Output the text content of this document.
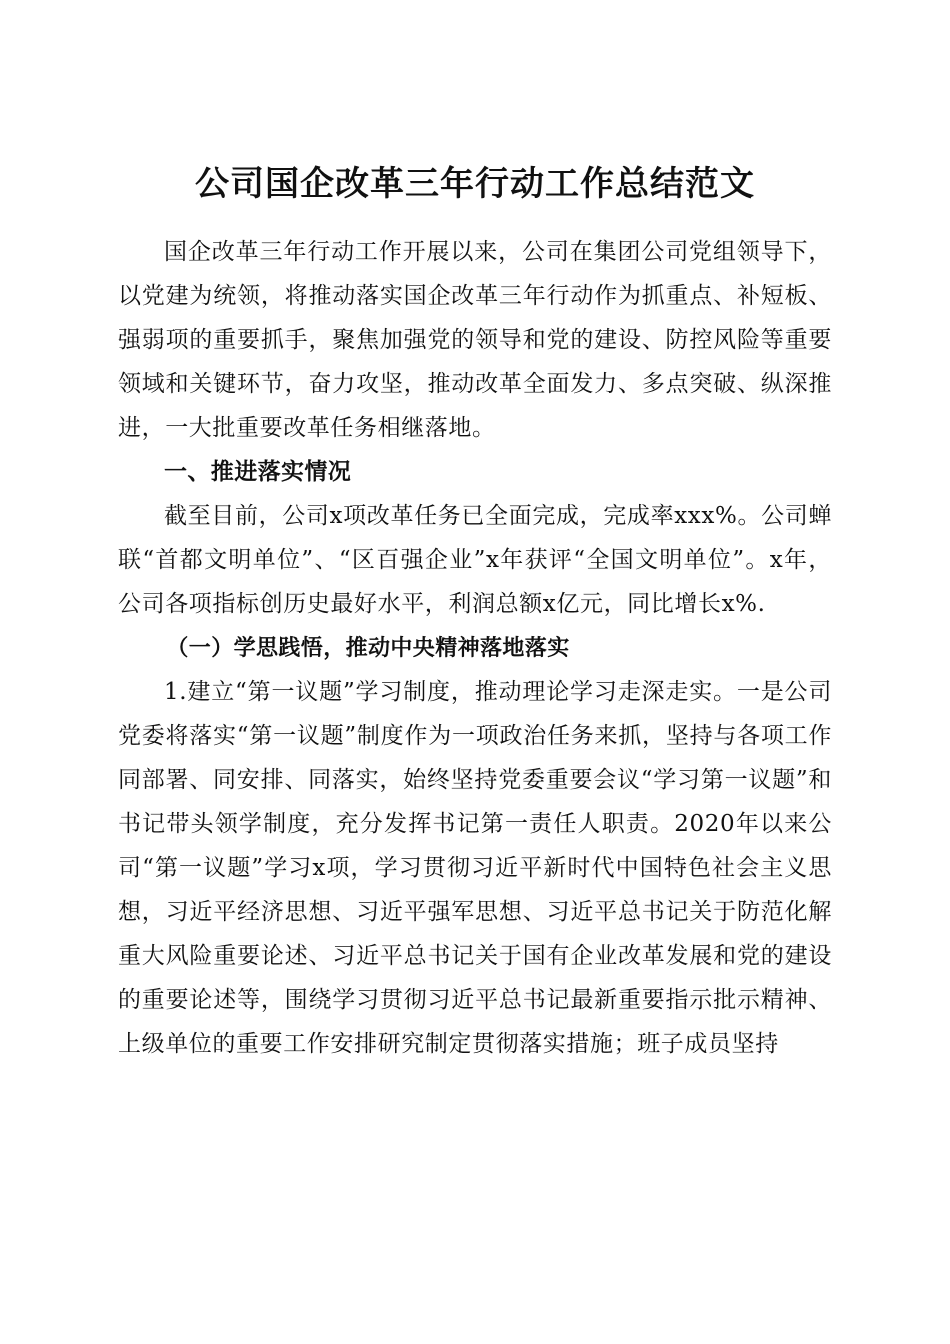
公司国企改革三年行动工作总结范文

国企改革三年行动工作开展以来，公司在集团公司党组领导下，以党建为统领，将推动落实国企改革三年行动作为抓重点、补短板、强弱项的重要抓手，聚焦加强党的领导和党的建设、防控风险等重要领域和关键环节，奋力攻坚，推动改革全面发力、多点突破、纵深推进，一大批重要改革任务相继落地。

一、推进落实情况

截至目前，公司x项改革任务已全面完成，完成率xxx%。公司蝉联“首都文明单位”、“区百强企业”x年获评“全国文明单位”。x年，公司各项指标创历史最好水平，利润总额x亿元，同比增长x%.

（一）学思践悟，推动中央精神落地落实

1.建立“第一议题”学习制度，推动理论学习走深走实。一是公司党委将落实“第一议题”制度作为一项政治任务来抓，坚持与各项工作同部署、同安排、同落实，始终坚持党委重要会议“学习第一议题”和书记带头领学制度，充分发挥书记第一责任人职责。2020年以来公司“第一议题”学习x项，学习贯彻习近平新时代中国特色社会主义思想，习近平经济思想、习近平强军思想、习近平总书记关于防范化解重大风险重要论述、习近平总书记关于国有企业改革发展和党的建设的重要论述等，围绕学习贯彻习近平总书记最新重要指示批示精神、上级单位的重要工作安排研究制定贯彻落实措施；班子成员坚持
